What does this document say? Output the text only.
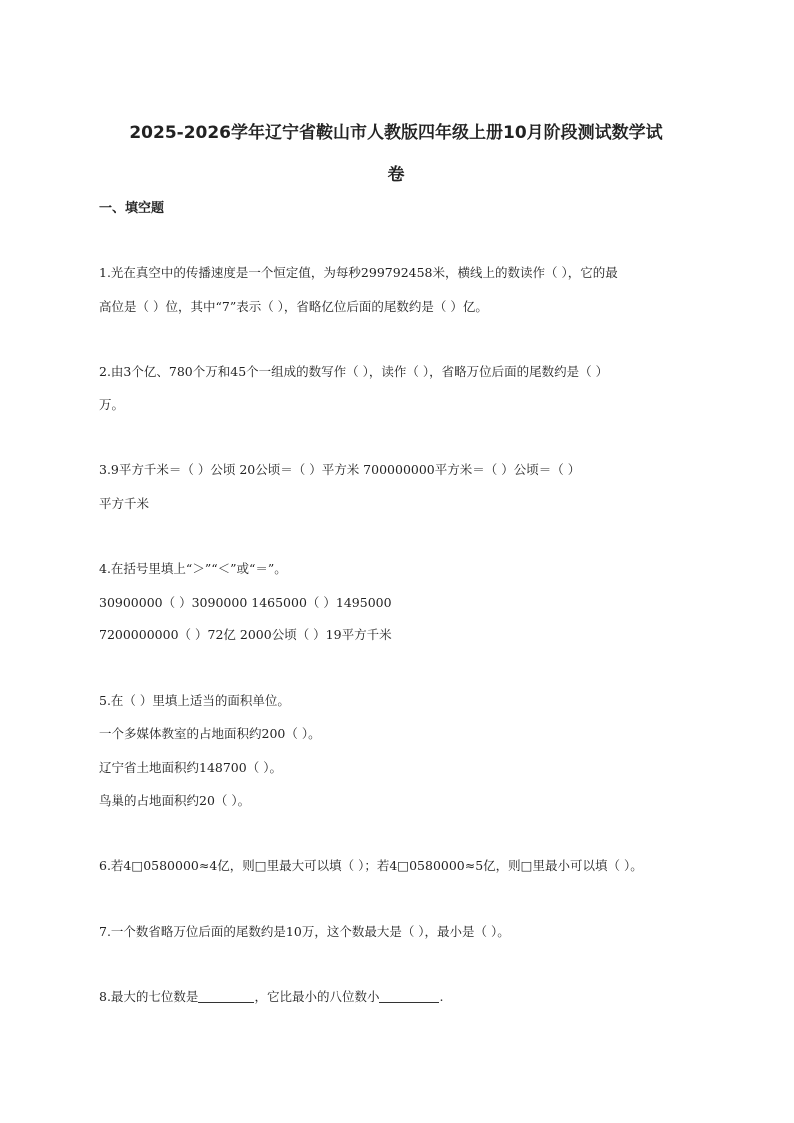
2025-2026学年辽宁省鞍山市人教版四年级上册10月阶段测试数学试
卷
一、填空题
1.光在真空中的传播速度是一个恒定值，为每秒299792458米，横线上的数读作（ ），它的最
高位是（ ）位，其中“7”表示（ ），省略亿位后面的尾数约是（ ）亿。
2.由3个亿、780个万和45个一组成的数写作（ ），读作（ ），省略万位后面的尾数约是（ ）
万。
3.9平方千米＝（ ）公顷 20公顷＝（ ）平方米 700000000平方米＝（ ）公顷＝（ ）
平方千米
4.在括号里填上“＞”“＜”或“＝”。
30900000（ ）3090000 1465000（ ）1495000
7200000000（ ）72亿 2000公顷（ ）19平方千米
5.在（ ）里填上适当的面积单位。
一个多媒体教室的占地面积约200（ ）。
辽宁省土地面积约148700（ ）。
鸟巢的占地面积约20（ ）。
6.若4□0580000≈4亿，则□里最大可以填（ ）；若4□0580000≈5亿，则□里最小可以填（ ）。
7.一个数省略万位后面的尾数约是10万，这个数最大是（ ），最小是（ ）。
8.最大的七位数是	，它比最小的八位数小	.
